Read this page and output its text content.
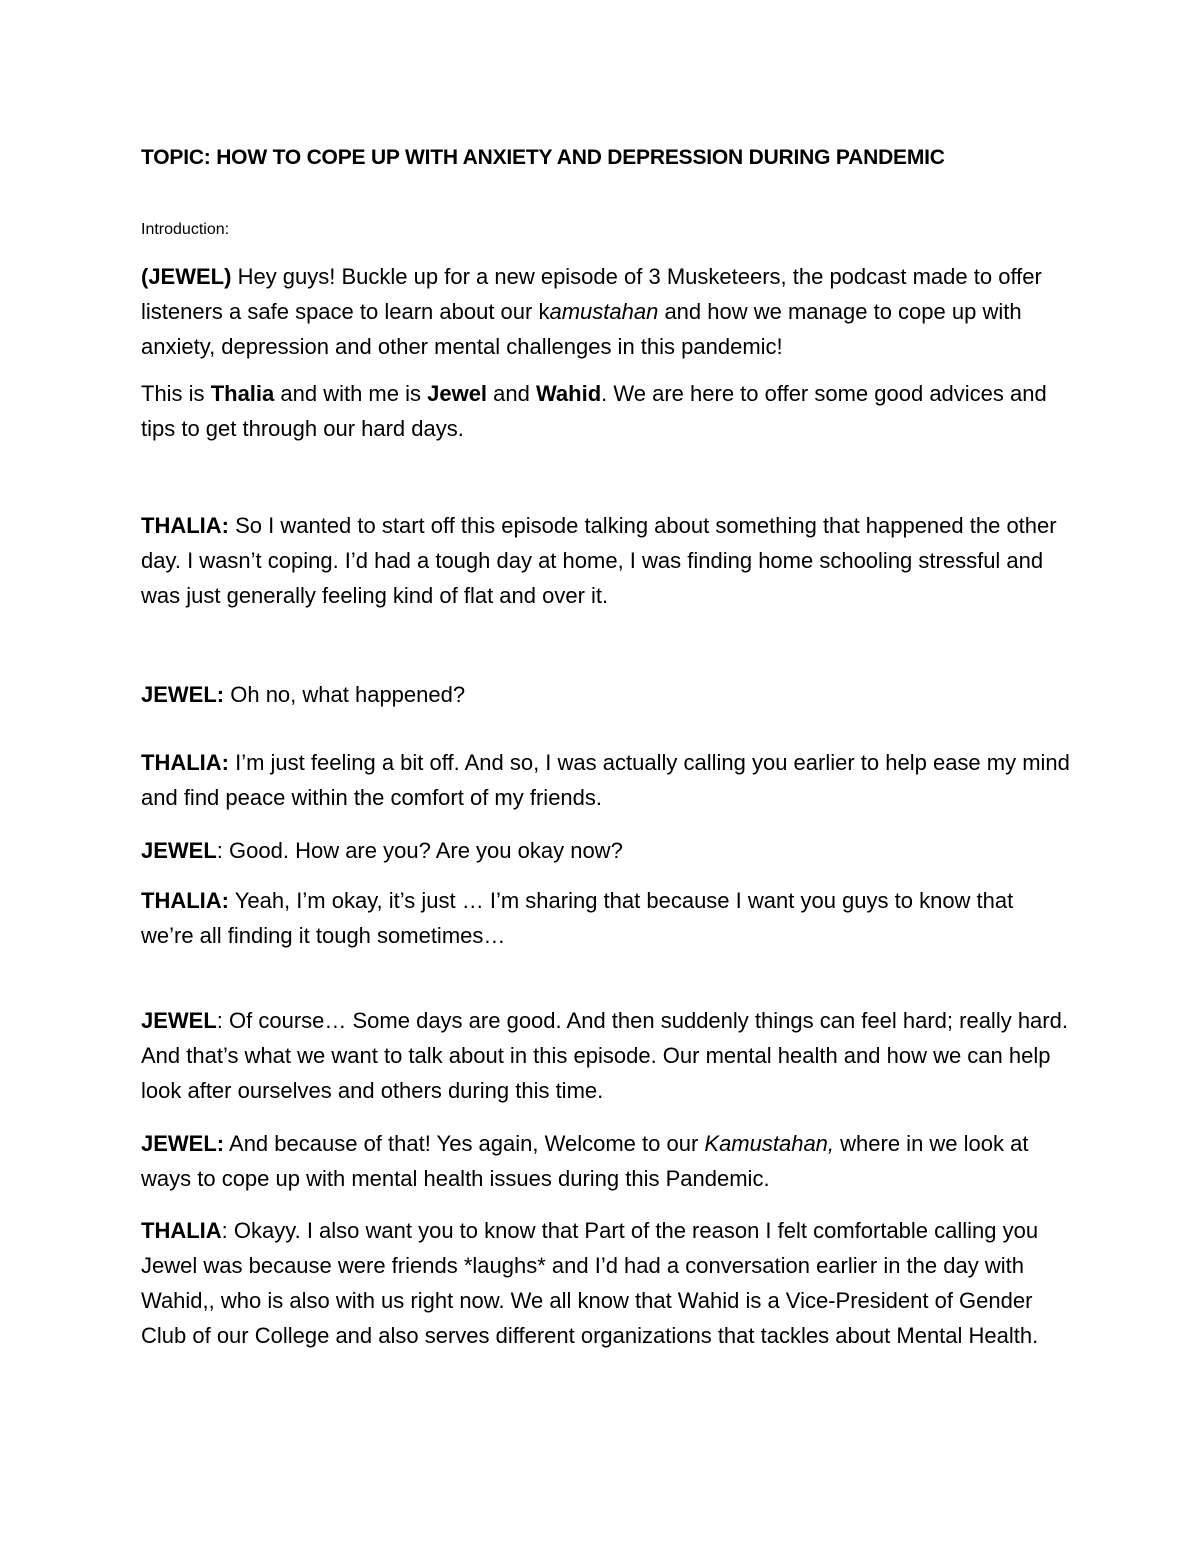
TOPIC: HOW TO COPE UP WITH ANXIETY AND DEPRESSION DURING PANDEMIC
Introduction:

(JEWEL) Hey guys! Buckle up for a new episode of 3 Musketeers, the podcast made to offer listeners a safe space to learn about our kamustahan and how we manage to cope up with anxiety, depression and other mental challenges in this pandemic!

This is Thalia and with me is Jewel and Wahid. We are here to offer some good advices and tips to get through our hard days.

THALIA: So I wanted to start off this episode talking about something that happened the other day. I wasn’t coping. I’d had a tough day at home, I was finding home schooling stressful and was just generally feeling kind of flat and over it.

JEWEL: Oh no, what happened?

THALIA: I’m just feeling a bit off. And so, I was actually calling you earlier to help ease my mind and find peace within the comfort of my friends.

JEWEL: Good. How are you? Are you okay now?

THALIA: Yeah, I’m okay, it’s just … I’m sharing that because I want you guys to know that we’re all finding it tough sometimes…

JEWEL: Of course… Some days are good. And then suddenly things can feel hard; really hard. And that’s what we want to talk about in this episode. Our mental health and how we can help look after ourselves and others during this time.

JEWEL: And because of that! Yes again, Welcome to our Kamustahan, where in we look at ways to cope up with mental health issues during this Pandemic.

THALIA: Okayy. I also want you to know that Part of the reason I felt comfortable calling you Jewel was because were friends *laughs* and I’d had a conversation earlier in the day with Wahid,, who is also with us right now. We all know that Wahid is a Vice-President of Gender Club of our College and also serves different organizations that tackles about Mental Health.
